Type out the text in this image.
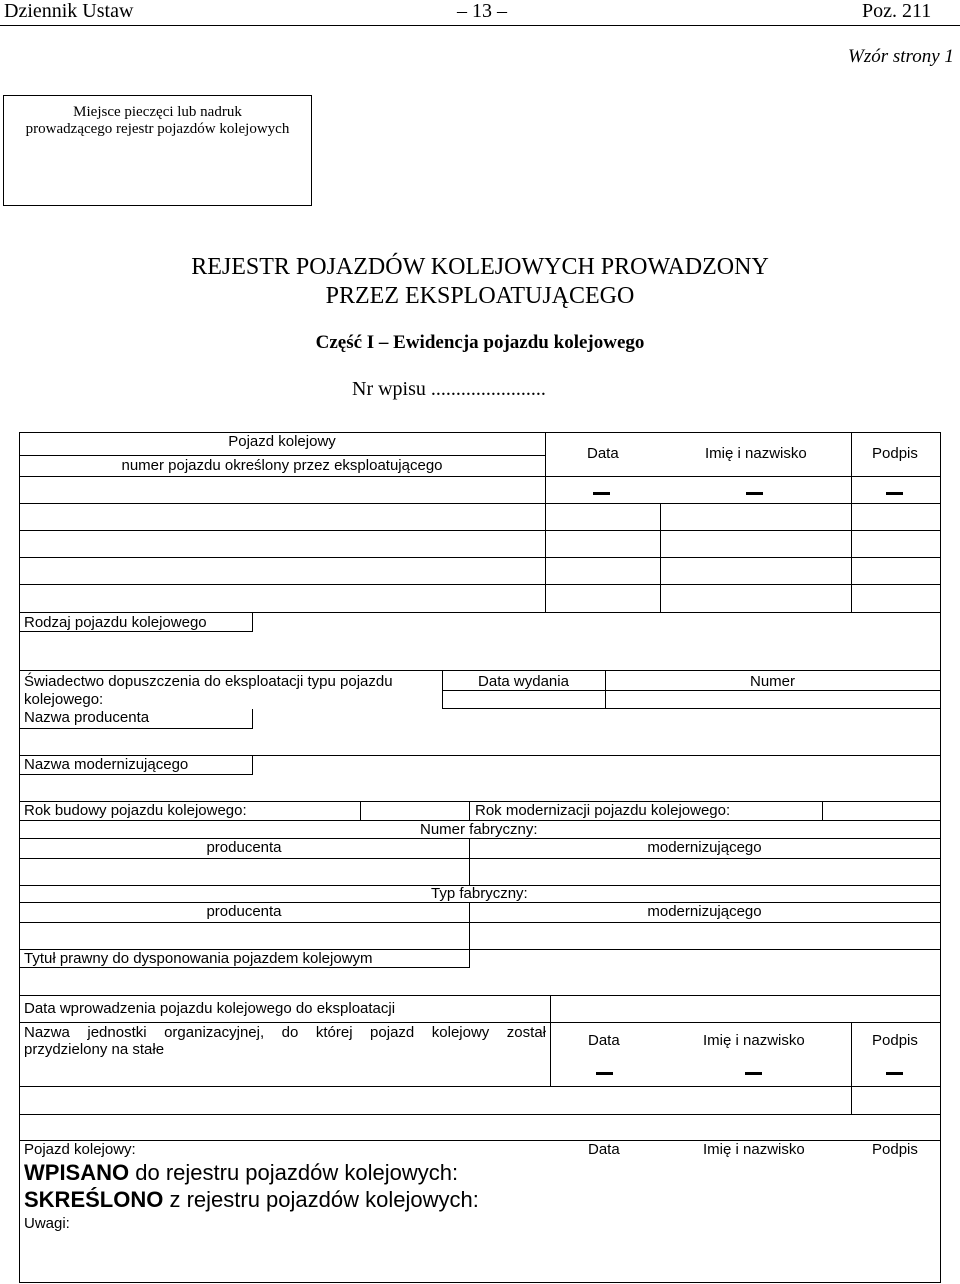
Dziennik Ustaw	– 13 –	Poz. 211
Wzór strony 1
Miejsce pieczęci lub nadruk
prowadzącego rejestr pojazdów kolejowych
REJESTR POJAZDÓW KOLEJOWYCH PROWADZONY
PRZEZ EKSPLOATUJĄCEGO
Część I – Ewidencja pojazdu kolejowego
Nr wpisu .......................
Pojazd kolejowy
numer pojazdu określony przez eksploatującego
Data	Imię i nazwisko	Podpis
Rodzaj pojazdu kolejowego
Świadectwo dopuszczenia do eksploatacji typu pojazdu
kolejowego:
Data wydania	Numer
Nazwa producenta
Nazwa modernizującego
Rok budowy pojazdu kolejowego:	Rok modernizacji pojazdu kolejowego:
Numer fabryczny:
producenta	modernizującego
Typ fabryczny:
producenta	modernizującego
Tytuł prawny do dysponowania pojazdem kolejowym
Data wprowadzenia pojazdu kolejowego do eksploatacji
Nazwa jednostki organizacyjnej, do której pojazd kolejowy został
przydzielony na stałe
Data	Imię i nazwisko	Podpis
Pojazd kolejowy:	Data	Imię i nazwisko	Podpis
WPISANO do rejestru pojazdów kolejowych:
SKREŚLONO z rejestru pojazdów kolejowych:
Uwagi:
